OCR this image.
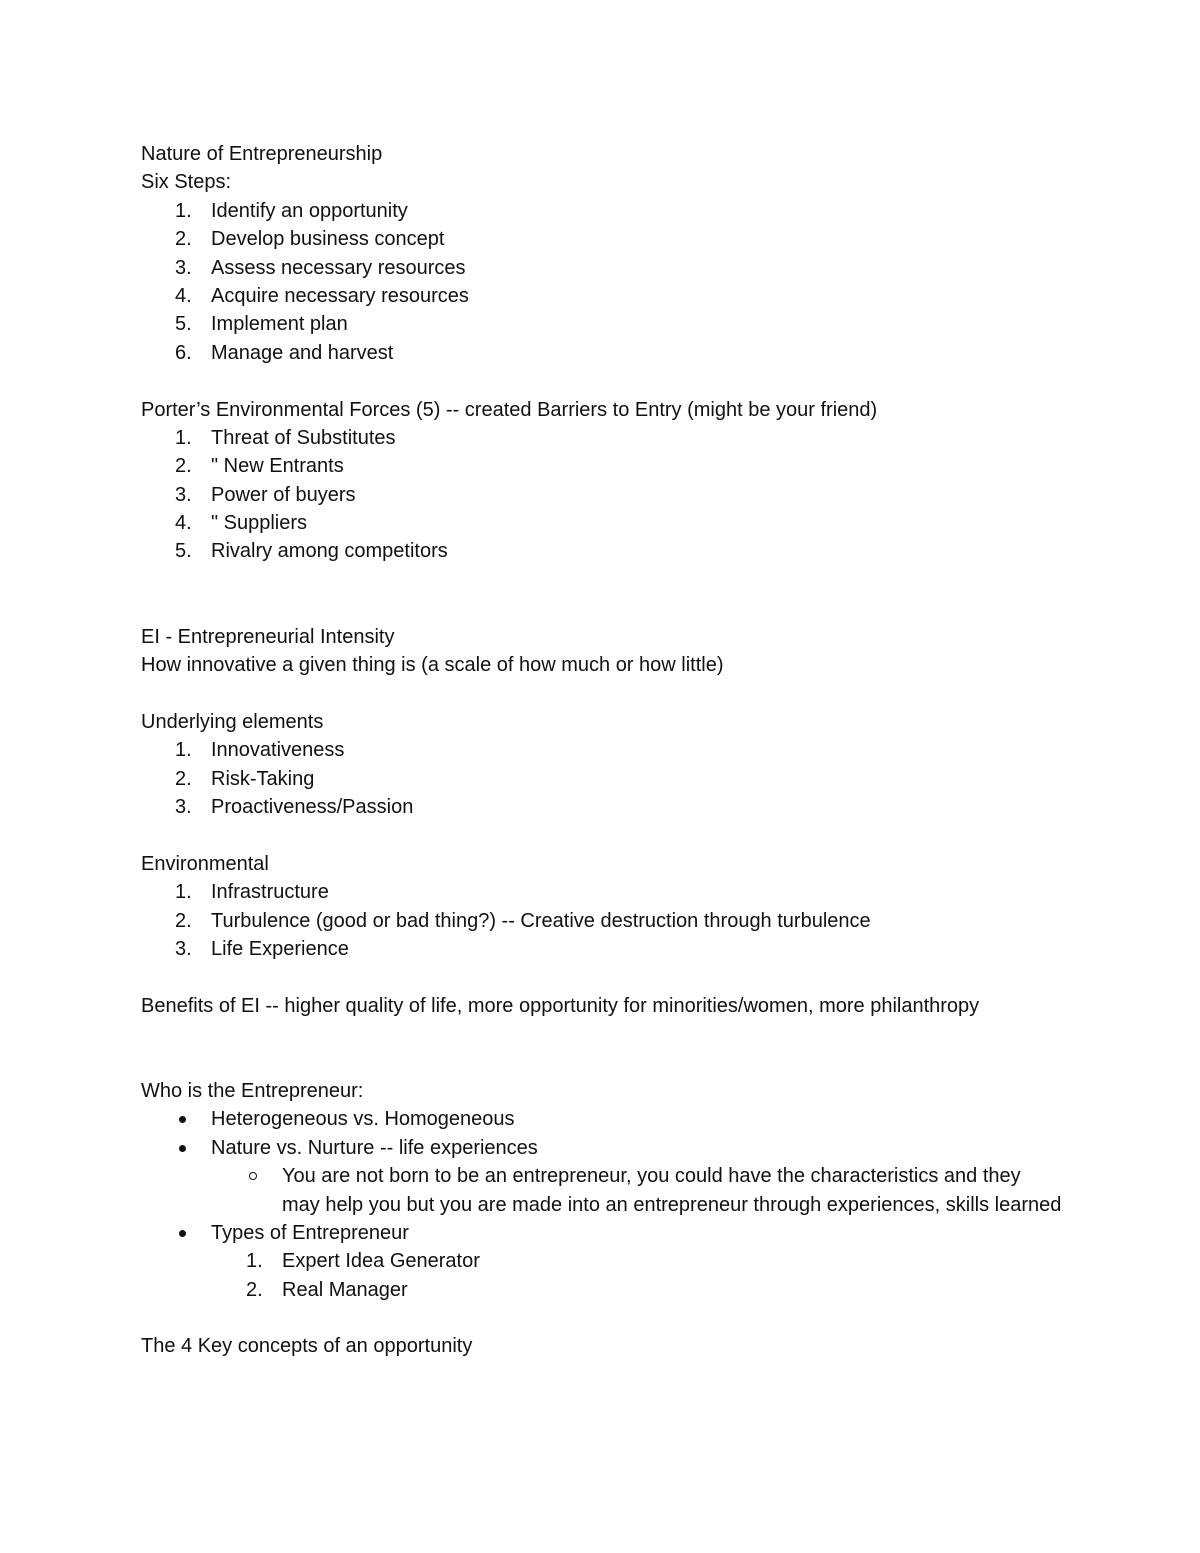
Nature of Entrepreneurship
Six Steps:
1. Identify an opportunity
2. Develop business concept
3. Assess necessary resources
4. Acquire necessary resources
5. Implement plan
6. Manage and harvest
Porter’s Environmental Forces (5) -- created Barriers to Entry (might be your friend)
1. Threat of Substitutes
2. " New Entrants
3. Power of buyers
4. " Suppliers
5. Rivalry among competitors
EI - Entrepreneurial Intensity
How innovative a given thing is (a scale of how much or how little)
Underlying elements
1. Innovativeness
2. Risk-Taking
3. Proactiveness/Passion
Environmental
1. Infrastructure
2. Turbulence (good or bad thing?) -- Creative destruction through turbulence
3. Life Experience
Benefits of EI -- higher quality of life, more opportunity for minorities/women, more philanthropy
Who is the Entrepreneur:
Heterogeneous vs. Homogeneous
Nature vs. Nurture -- life experiences
You are not born to be an entrepreneur, you could have the characteristics and they may help you but you are made into an entrepreneur through experiences, skills learned
Types of Entrepreneur
1. Expert Idea Generator
2. Real Manager
The 4 Key concepts of an opportunity
